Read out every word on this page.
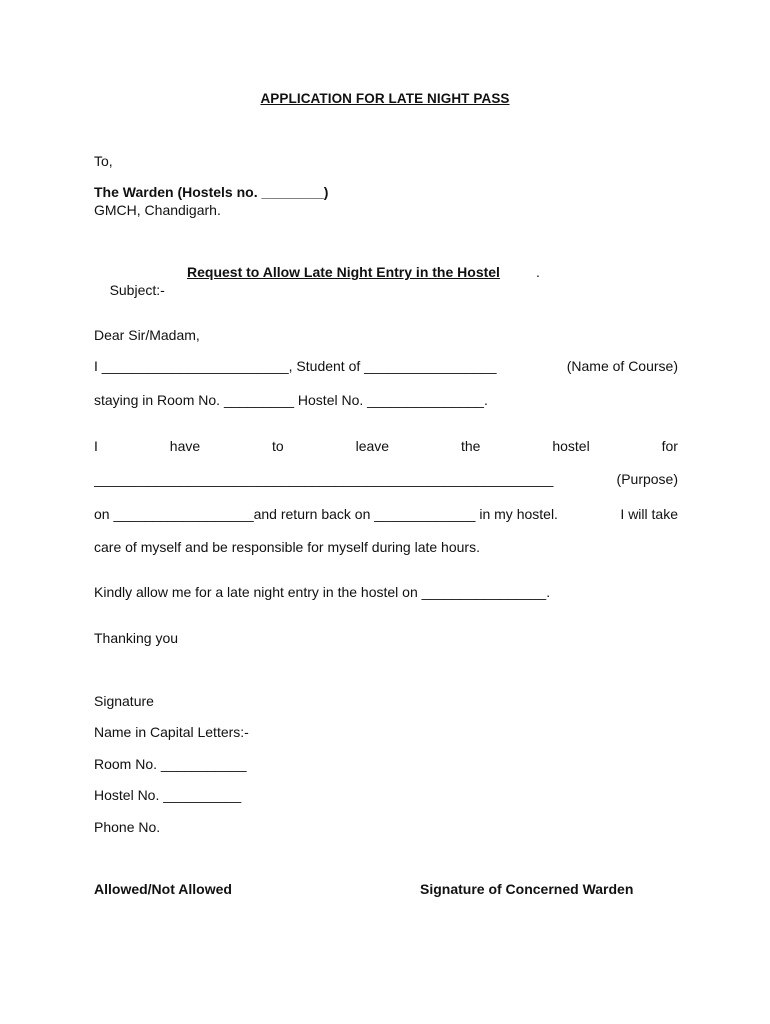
APPLICATION FOR LATE NIGHT PASS
To,
The Warden (Hostels no. ________)
GMCH, Chandigarh.

Subject:-

Request to Allow Late Night Entry in the Hostel

	.

Dear Sir/Madam,
I ________________________, Student of _________________	(Name of Course)
staying in Room No. _________ Hostel No. _______________.
I	have	to	leave	the	hostel	for
___________________________________________________________	(Purpose)
on __________________and return back on _____________ in my hostel.	I will take
care of myself and be responsible for myself during late hours.
Kindly allow me for a late night entry in the hostel on ________________.
Thanking you
Signature
Name in Capital Letters:-
Room No. ___________
Hostel No. __________
Phone No.
Allowed/Not Allowed	Signature of Concerned Warden
